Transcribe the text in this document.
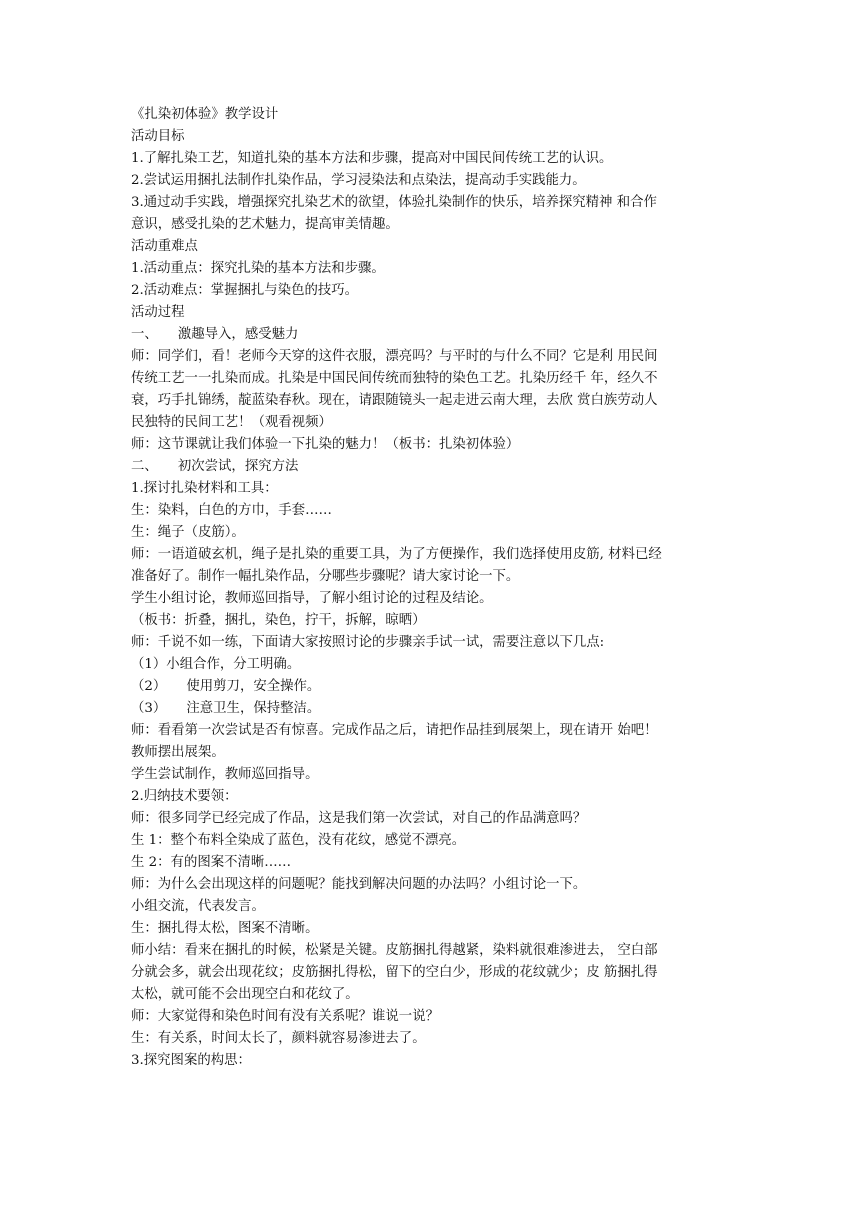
《扎染初体验》教学设计
活动目标
1.了解扎染工艺，知道扎染的基本方法和步骤，提高对中国民间传统工艺的认识。
2.尝试运用捆扎法制作扎染作品，学习浸染法和点染法，提高动手实践能力。
3.通过动手实践，增强探究扎染艺术的欲望，体验扎染制作的快乐，培养探究精神 和合作
意识，感受扎染的艺术魅力，提高审美情趣。
活动重难点
1.活动重点：探究扎染的基本方法和步骤。
2.活动难点：掌握捆扎与染色的技巧。
活动过程
一、　　激趣导入，感受魅力
师：同学们，看！老师今天穿的这件衣服，漂亮吗？与平时的与什么不同？它是利 用民间
传统工艺一一扎染而成。扎染是中国民间传统而独特的染色工艺。扎染历经千 年，经久不
衰，巧手扎锦绣，靛蓝染春秋。现在，请跟随镜头一起走进云南大理，去欣 赏白族劳动人
民独特的民间工艺！（观看视频）
师：这节课就让我们体验一下扎染的魅力！（板书：扎染初体验）
二、　　初次尝试，探究方法
1.探讨扎染材料和工具：
生：染料，白色的方巾，手套……
生：绳子（皮筋）。
师：一语道破玄机，绳子是扎染的重要工具，为了方便操作，我们选择使用皮筋, 材料已经
准备好了。制作一幅扎染作品，分哪些步骤呢？请大家讨论一下。
学生小组讨论，教师巡回指导，了解小组讨论的过程及结论。
（板书：折叠，捆扎，染色，拧干，拆解，晾晒）
师：千说不如一练，下面请大家按照讨论的步骤亲手试一试，需要注意以下几点:
（1）小组合作，分工明确。
（2）　　使用剪刀，安全操作。
（3）　　注意卫生，保持整洁。
师：看看第一次尝试是否有惊喜。完成作品之后，请把作品挂到展架上，现在请开 始吧！
教师摆出展架。
学生尝试制作，教师巡回指导。
2.归纳技术要领：
师：很多同学已经完成了作品，这是我们第一次尝试，对自己的作品满意吗？
生 1：整个布料全染成了蓝色，没有花纹，感觉不漂亮。
生 2：有的图案不清晰……
师：为什么会出现这样的问题呢？能找到解决问题的办法吗？小组讨论一下。
小组交流，代表发言。
生：捆扎得太松，图案不清晰。
师小结：看来在捆扎的时候，松紧是关键。皮筋捆扎得越紧，染料就很难渗进去， 空白部
分就会多，就会出现花纹；皮筋捆扎得松，留下的空白少，形成的花纹就少；皮 筋捆扎得
太松，就可能不会出现空白和花纹了。
师：大家觉得和染色时间有没有关系呢？谁说一说？
生：有关系，时间太长了，颜料就容易渗进去了。
3.探究图案的构思：
